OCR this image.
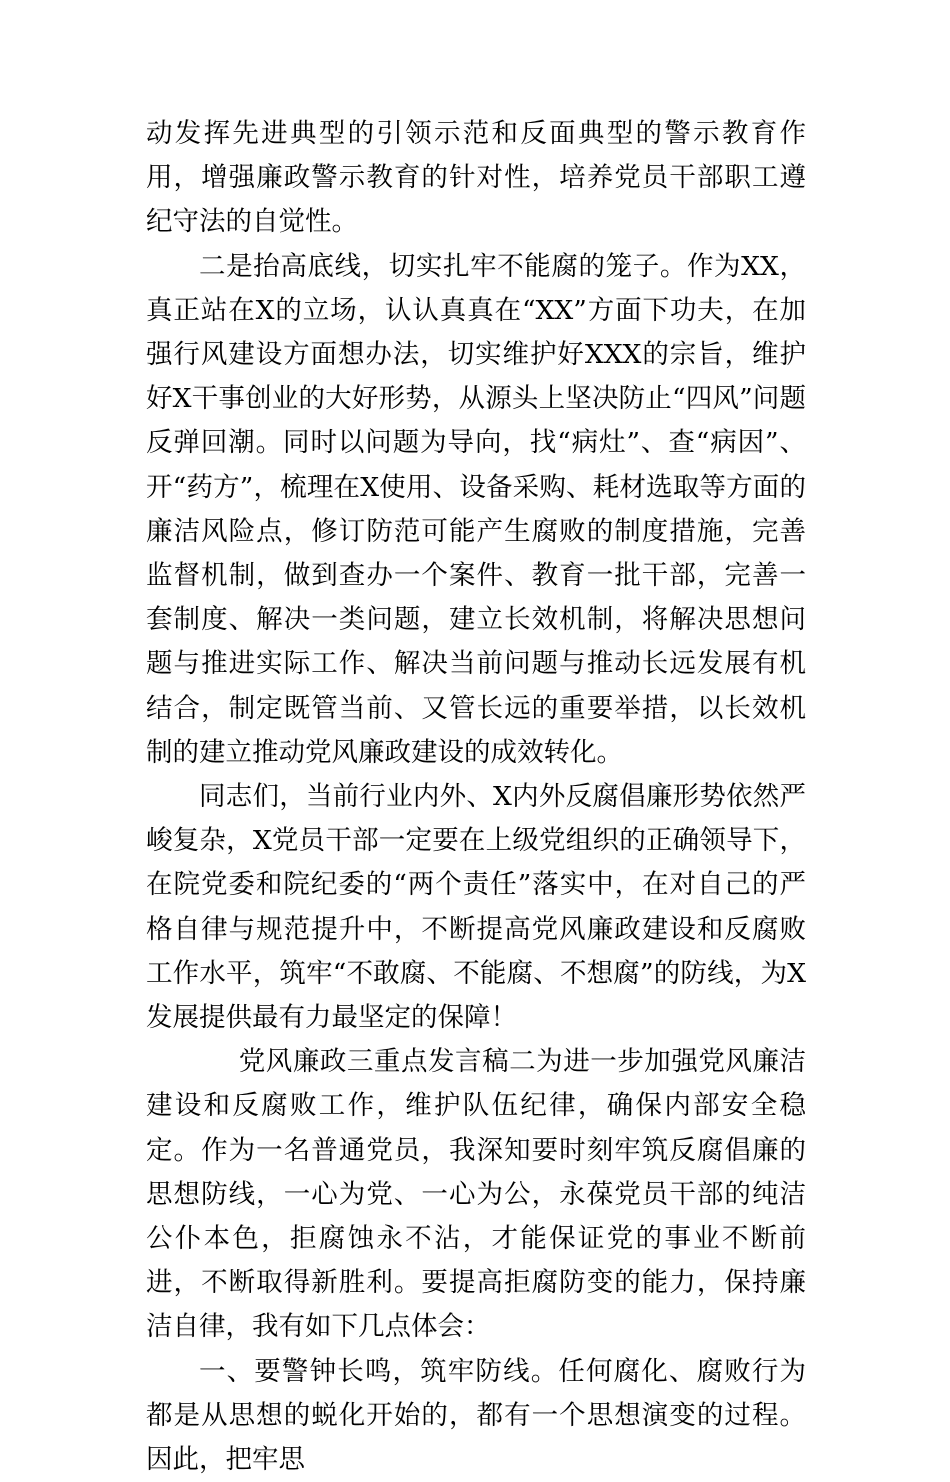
动发挥先进典型的引领示范和反面典型的警示教育作用，增强廉政警示教育的针对性，培养党员干部职工遵纪守法的自觉性。

二是抬高底线，切实扎牢不能腐的笼子。作为XX，真正站在X的立场，认认真真在“XX”方面下功夫，在加强行风建设方面想办法，切实维护好XXX的宗旨，维护好X干事创业的大好形势，从源头上坚决防止“四风”问题反弹回潮。同时以问题为导向，找“病灶”、查“病因”、开“药方”，梳理在X使用、设备采购、耗材选取等方面的廉洁风险点，修订防范可能产生腐败的制度措施，完善监督机制，做到查办一个案件、教育一批干部，完善一套制度、解决一类问题，建立长效机制，将解决思想问题与推进实际工作、解决当前问题与推动长远发展有机结合，制定既管当前、又管长远的重要举措，以长效机制的建立推动党风廉政建设的成效转化。

同志们，当前行业内外、X内外反腐倡廉形势依然严峻复杂，X党员干部一定要在上级党组织的正确领导下，在院党委和院纪委的“两个责任”落实中，在对自己的严格自律与规范提升中，不断提高党风廉政建设和反腐败工作水平，筑牢“不敢腐、不能腐、不想腐”的防线，为X发展提供最有力最坚定的保障！

党风廉政三重点发言稿二为进一步加强党风廉洁建设和反腐败工作，维护队伍纪律，确保内部安全稳定。作为一名普通党员，我深知要时刻牢筑反腐倡廉的思想防线，一心为党、一心为公，永葆党员干部的纯洁公仆本色，拒腐蚀永不沾，才能保证党的事业不断前进，不断取得新胜利。要提高拒腐防变的能力，保持廉洁自律，我有如下几点体会：

一、要警钟长鸣，筑牢防线。任何腐化、腐败行为都是从思想的蜕化开始的，都有一个思想演变的过程。因此，把牢思
